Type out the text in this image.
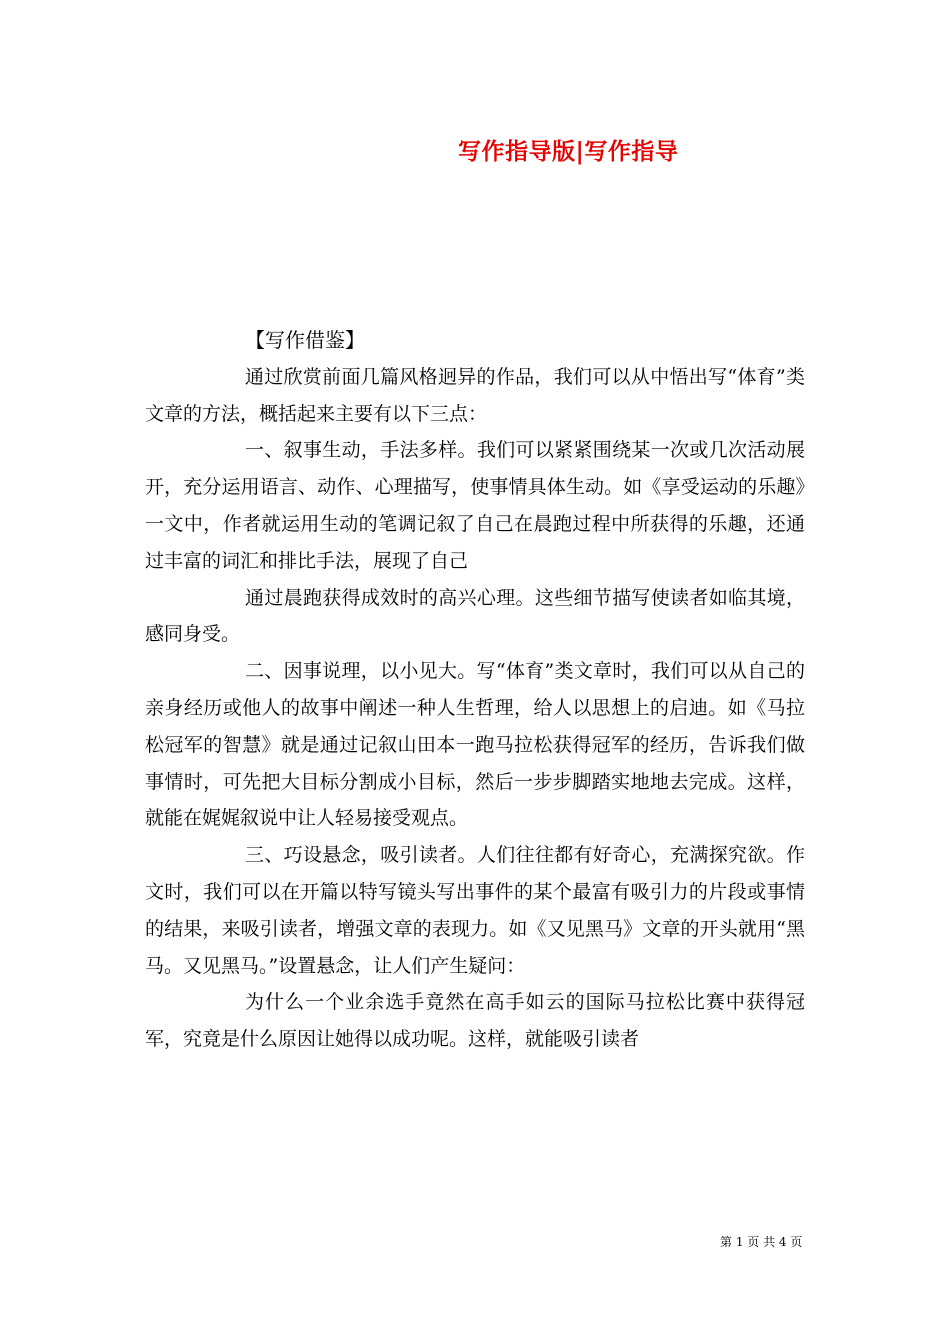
写作指导版|写作指导

【写作借鉴】

通过欣赏前面几篇风格迥异的作品，我们可以从中悟出写“体育”类文章的方法，概括起来主要有以下三点：

一、叙事生动，手法多样。我们可以紧紧围绕某一次或几次活动展开，充分运用语言、动作、心理描写，使事情具体生动。如《享受运动的乐趣》一文中，作者就运用生动的笔调记叙了自己在晨跑过程中所获得的乐趣，还通过丰富的词汇和排比手法，展现了自己

通过晨跑获得成效时的高兴心理。这些细节描写使读者如临其境，感同身受。

二、因事说理，以小见大。写“体育”类文章时，我们可以从自己的亲身经历或他人的故事中阐述一种人生哲理，给人以思想上的启迪。如《马拉松冠军的智慧》就是通过记叙山田本一跑马拉松获得冠军的经历，告诉我们做事情时，可先把大目标分割成小目标，然后一步步脚踏实地地去完成。这样，就能在娓娓叙说中让人轻易接受观点。

三、巧设悬念，吸引读者。人们往往都有好奇心，充满探究欲。作文时，我们可以在开篇以特写镜头写出事件的某个最富有吸引力的片段或事情的结果，来吸引读者，增强文章的表现力。如《又见黑马》文章的开头就用“黑马。又见黑马。”设置悬念，让人们产生疑问：

为什么一个业余选手竟然在高手如云的国际马拉松比赛中获得冠军，究竟是什么原因让她得以成功呢。这样，就能吸引读者

第 1 页 共 4 页
